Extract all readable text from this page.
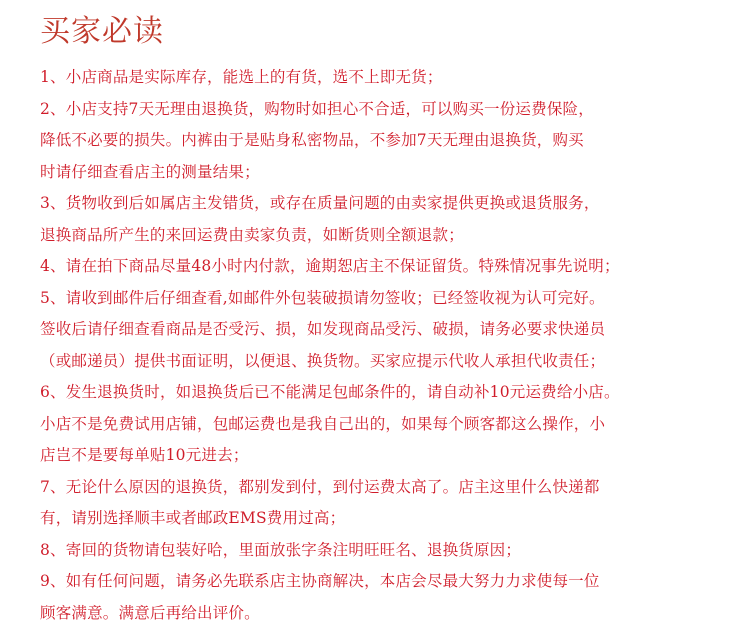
买家必读
1、小店商品是实际库存，能选上的有货，选不上即无货；
2、小店支持7天无理由退换货，购物时如担心不合适，可以购买一份运费保险，
降低不必要的损失。内裤由于是贴身私密物品，不参加7天无理由退换货，购买
时请仔细查看店主的测量结果；
3、货物收到后如属店主发错货，或存在质量问题的由卖家提供更换或退货服务，
退换商品所产生的来回运费由卖家负责，如断货则全额退款；
4、请在拍下商品尽量48小时内付款，逾期恕店主不保证留货。特殊情况事先说明；
5、请收到邮件后仔细查看,如邮件外包装破损请勿签收；已经签收视为认可完好。
签收后请仔细查看商品是否受污、损，如发现商品受污、破损，请务必要求快递员
（或邮递员）提供书面证明，以便退、换货物。买家应提示代收人承担代收责任；
6、发生退换货时，如退换货后已不能满足包邮条件的，请自动补10元运费给小店。
小店不是免费试用店铺，包邮运费也是我自己出的，如果每个顾客都这么操作，小
店岂不是要每单贴10元进去；
7、无论什么原因的退换货，都别发到付，到付运费太高了。店主这里什么快递都
有，请别选择顺丰或者邮政EMS费用过高；
8、寄回的货物请包装好哈，里面放张字条注明旺旺名、退换货原因；
9、如有任何问题，请务必先联系店主协商解决，本店会尽最大努力力求使每一位
顾客满意。满意后再给出评价。
